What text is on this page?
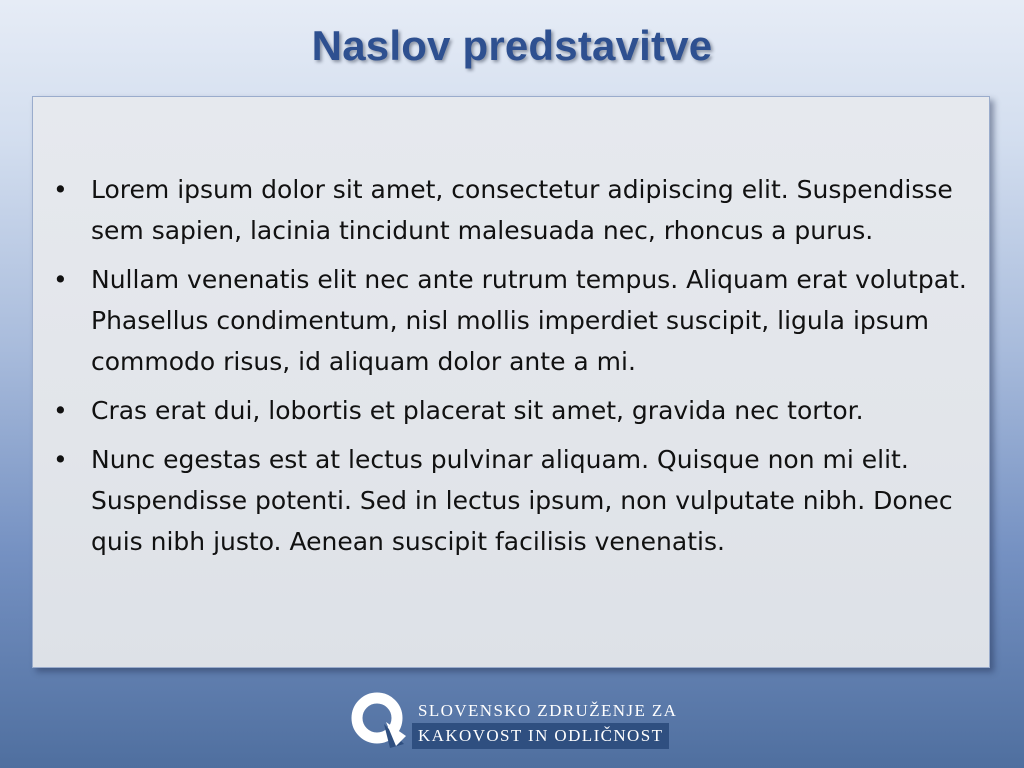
Naslov predstavitve
• Lorem ipsum dolor sit amet, consectetur adipiscing elit. Suspendisse sem sapien, lacinia tincidunt malesuada nec, rhoncus a purus.
• Nullam venenatis elit nec ante rutrum tempus. Aliquam erat volutpat. Phasellus condimentum, nisl mollis imperdiet suscipit, ligula ipsum commodo risus, id aliquam dolor ante a mi.
• Cras erat dui, lobortis et placerat sit amet, gravida nec tortor.
• Nunc egestas est at lectus pulvinar aliquam. Quisque non mi elit. Suspendisse potenti. Sed in lectus ipsum, non vulputate nibh. Donec quis nibh justo. Aenean suscipit facilisis venenatis.
SLOVENSKO ZDRUŽENJE ZA
KAKOVOST IN ODLIČNOST
